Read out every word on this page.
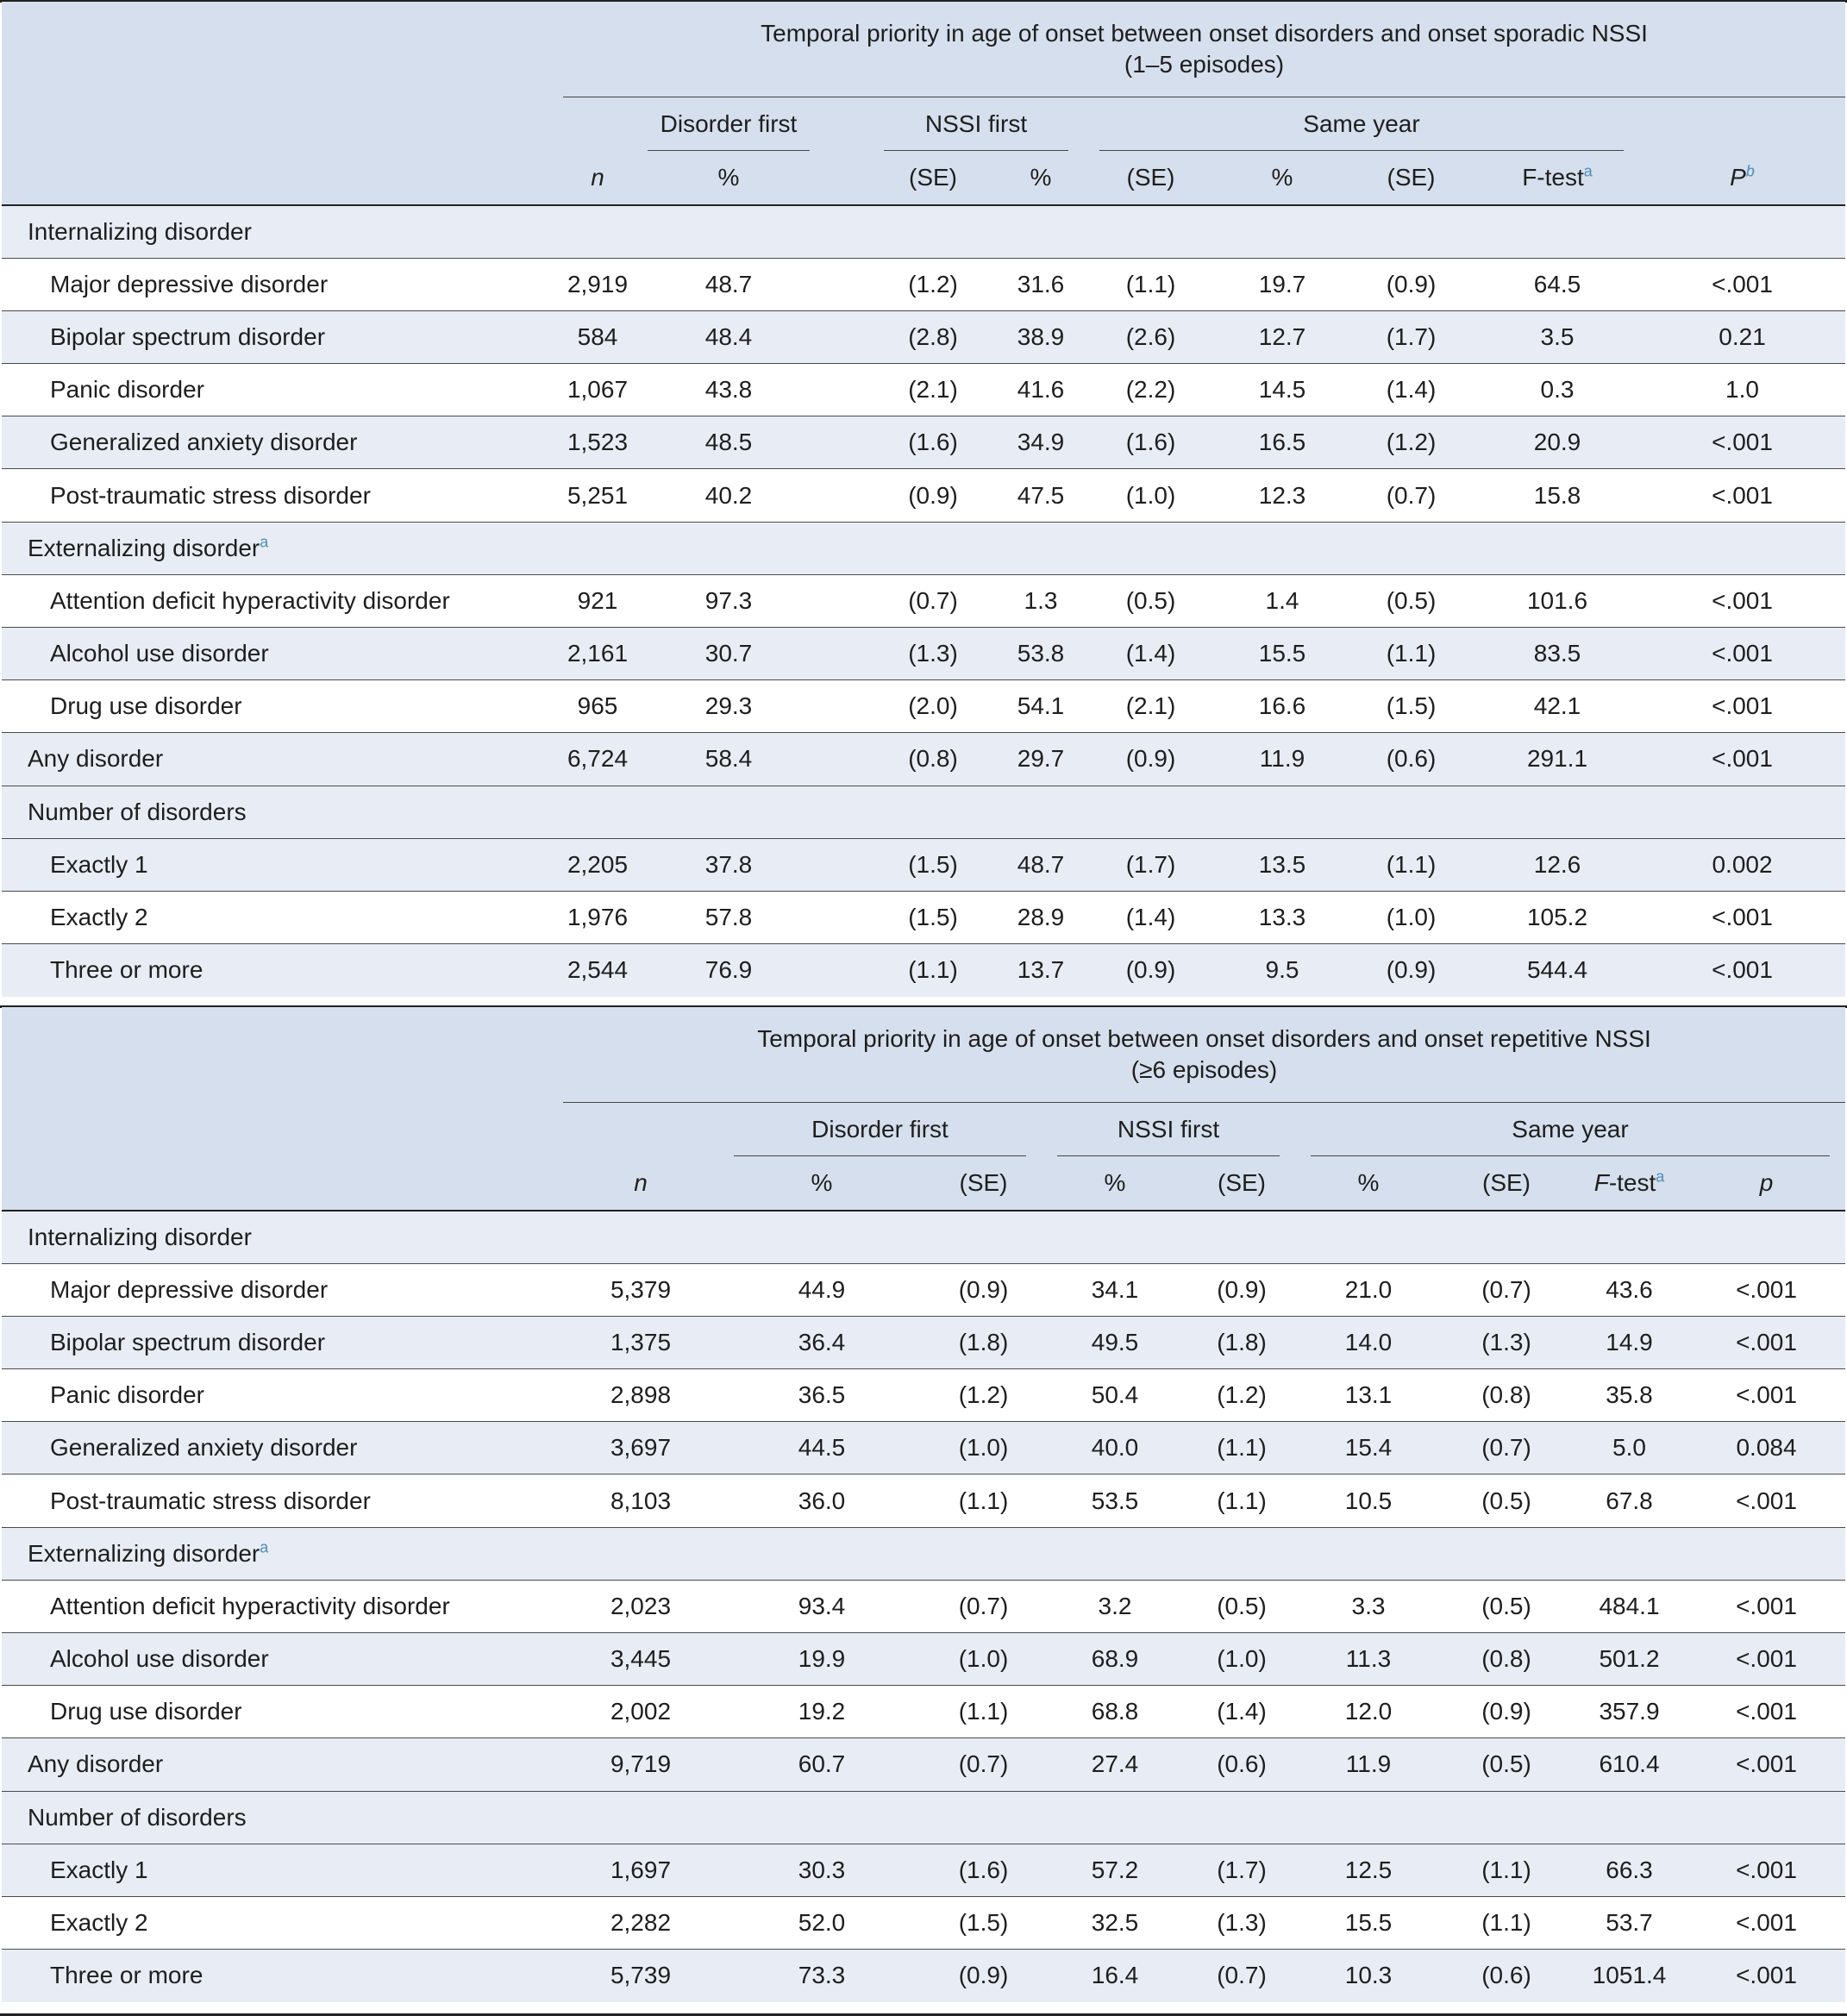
	Temporal priority in age of onset between onset disorders and onset sporadic NSSI
(1–5 episodes)									

		Disorder first		NSSI first		Same year				
	n	%		(SE)	%	(SE)	%	(SE)	F-test$^a$	$P^b$
Internalizing disorder										
Major depressive disorder	2,919	48.7		(1.2)	31.6	(1.1)	19.7	(0.9)	64.5	<.001
Bipolar spectrum disorder	584	48.4		(2.8)	38.9	(2.6)	12.7	(1.7)	3.5	0.21
Panic disorder	1,067	43.8		(2.1)	41.6	(2.2)	14.5	(1.4)	0.3	1.0
Generalized anxiety disorder	1,523	48.5		(1.6)	34.9	(1.6)	16.5	(1.2)	20.9	<.001
Post-traumatic stress disorder	5,251	40.2		(0.9)	47.5	(1.0)	12.3	(0.7)	15.8	<.001
Externalizing disorder$^a$
Attention deficit hyperactivity disorder	921	97.3		(0.7)	1.3	(0.5)	1.4	(0.5)	101.6	<.001
Alcohol use disorder	2,161	30.7		(1.3)	53.8	(1.4)	15.5	(1.1)	83.5	<.001
Drug use disorder	965	29.3		(2.0)	54.1	(2.1)	16.6	(1.5)	42.1	<.001
Any disorder	6,724	58.4		(0.8)	29.7	(0.9)	11.9	(0.6)	291.1	<.001
Number of disorders										
Exactly 1	2,205	37.8		(1.5)	48.7	(1.7)	13.5	(1.1)	12.6	0.002
Exactly 2	1,976	57.8		(1.5)	28.9	(1.4)	13.3	(1.0)	105.2	<.001
Three or more	2,544	76.9		(1.1)	13.7	(0.9)	9.5	(0.9)	544.4	<.001

	Temporal priority in age of onset between onset disorders and onset repetitive NSSI
(≥6 episodes)								

		Disorder first		NSSI first		Same year			
	n	%	(SE)	%	(SE)	%	(SE)	F-test$^a$	p
Internalizing disorder									
Major depressive disorder	5,379	44.9	(0.9)	34.1	(0.9)	21.0	(0.7)	43.6	<.001
Bipolar spectrum disorder	1,375	36.4	(1.8)	49.5	(1.8)	14.0	(1.3)	14.9	<.001
Panic disorder	2,898	36.5	(1.2)	50.4	(1.2)	13.1	(0.8)	35.8	<.001
Generalized anxiety disorder	3,697	44.5	(1.0)	40.0	(1.1)	15.4	(0.7)	5.0	0.084
Post-traumatic stress disorder	8,103	36.0	(1.1)	53.5	(1.1)	10.5	(0.5)	67.8	<.001
Externalizing disorder$^a$
Attention deficit hyperactivity disorder	2,023	93.4	(0.7)	3.2	(0.5)	3.3	(0.5)	484.1	<.001
Alcohol use disorder	3,445	19.9	(1.0)	68.9	(1.0)	11.3	(0.8)	501.2	<.001
Drug use disorder	2,002	19.2	(1.1)	68.8	(1.4)	12.0	(0.9)	357.9	<.001
Any disorder	9,719	60.7	(0.7)	27.4	(0.6)	11.9	(0.5)	610.4	<.001
Number of disorders									
Exactly 1	1,697	30.3	(1.6)	57.2	(1.7)	12.5	(1.1)	66.3	<.001
Exactly 2	2,282	52.0	(1.5)	32.5	(1.3)	15.5	(1.1)	53.7	<.001
Three or more	5,739	73.3	(0.9)	16.4	(0.7)	10.3	(0.6)	1051.4	<.001
